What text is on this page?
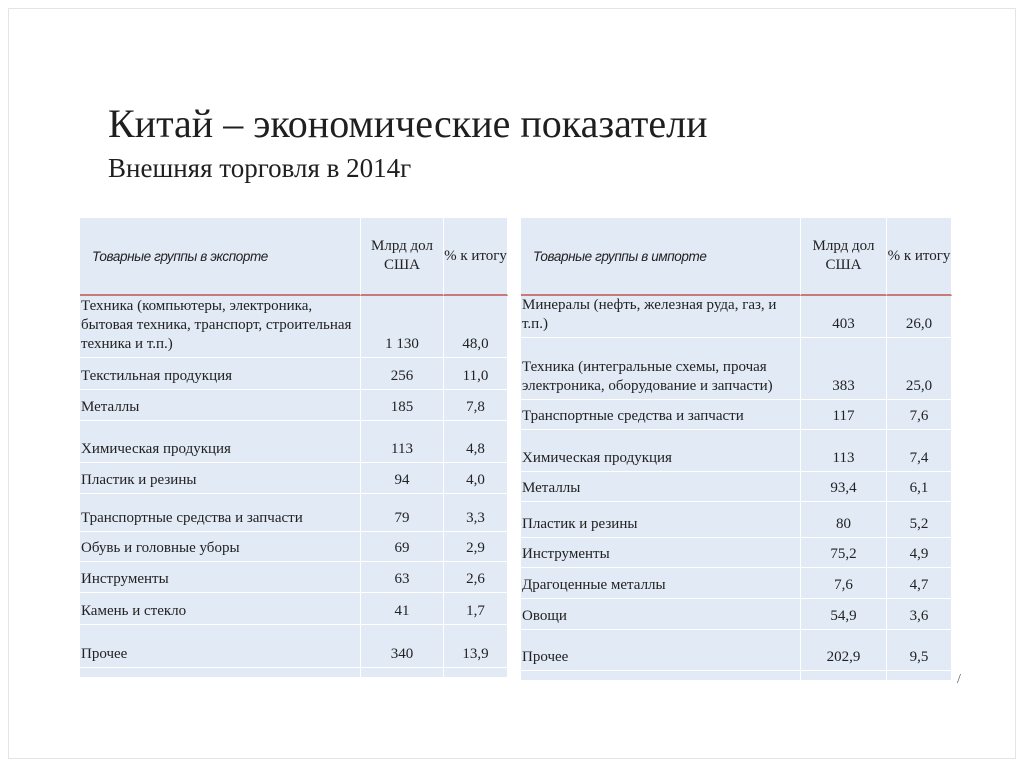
Китай – экономические показатели
Внешняя торговля в 2014г
Товарные группы в экспорте	Млрд дол США	% к итогу
Техника (компьютеры, электроника, бытовая техника, транспорт, строительная техника и т.п.)	1 130	48,0
Текстильная продукция	256	11,0
Металлы	185	7,8
Химическая продукция	113	4,8
Пластик и резины	94	4,0
Транспортные средства и запчасти	79	3,3
Обувь и головные уборы	69	2,9
Инструменты	63	2,6
Камень и стекло	41	1,7
Прочее	340	13,9

Товарные группы в импорте	Млрд дол США	% к итогу
Минералы (нефть, железная руда, газ, и т.п.)	403	26,0
Техника (интегральные схемы, прочая электроника, оборудование и запчасти)	383	25,0
Транспортные средства и запчасти	117	7,6
Химическая продукция	113	7,4
Металлы	93,4	6,1
Пластик и резины	80	5,2
Инструменты	75,2	4,9
Драгоценные металлы	7,6	4,7
Овощи	54,9	3,6
Прочее	202,9	9,5

/
